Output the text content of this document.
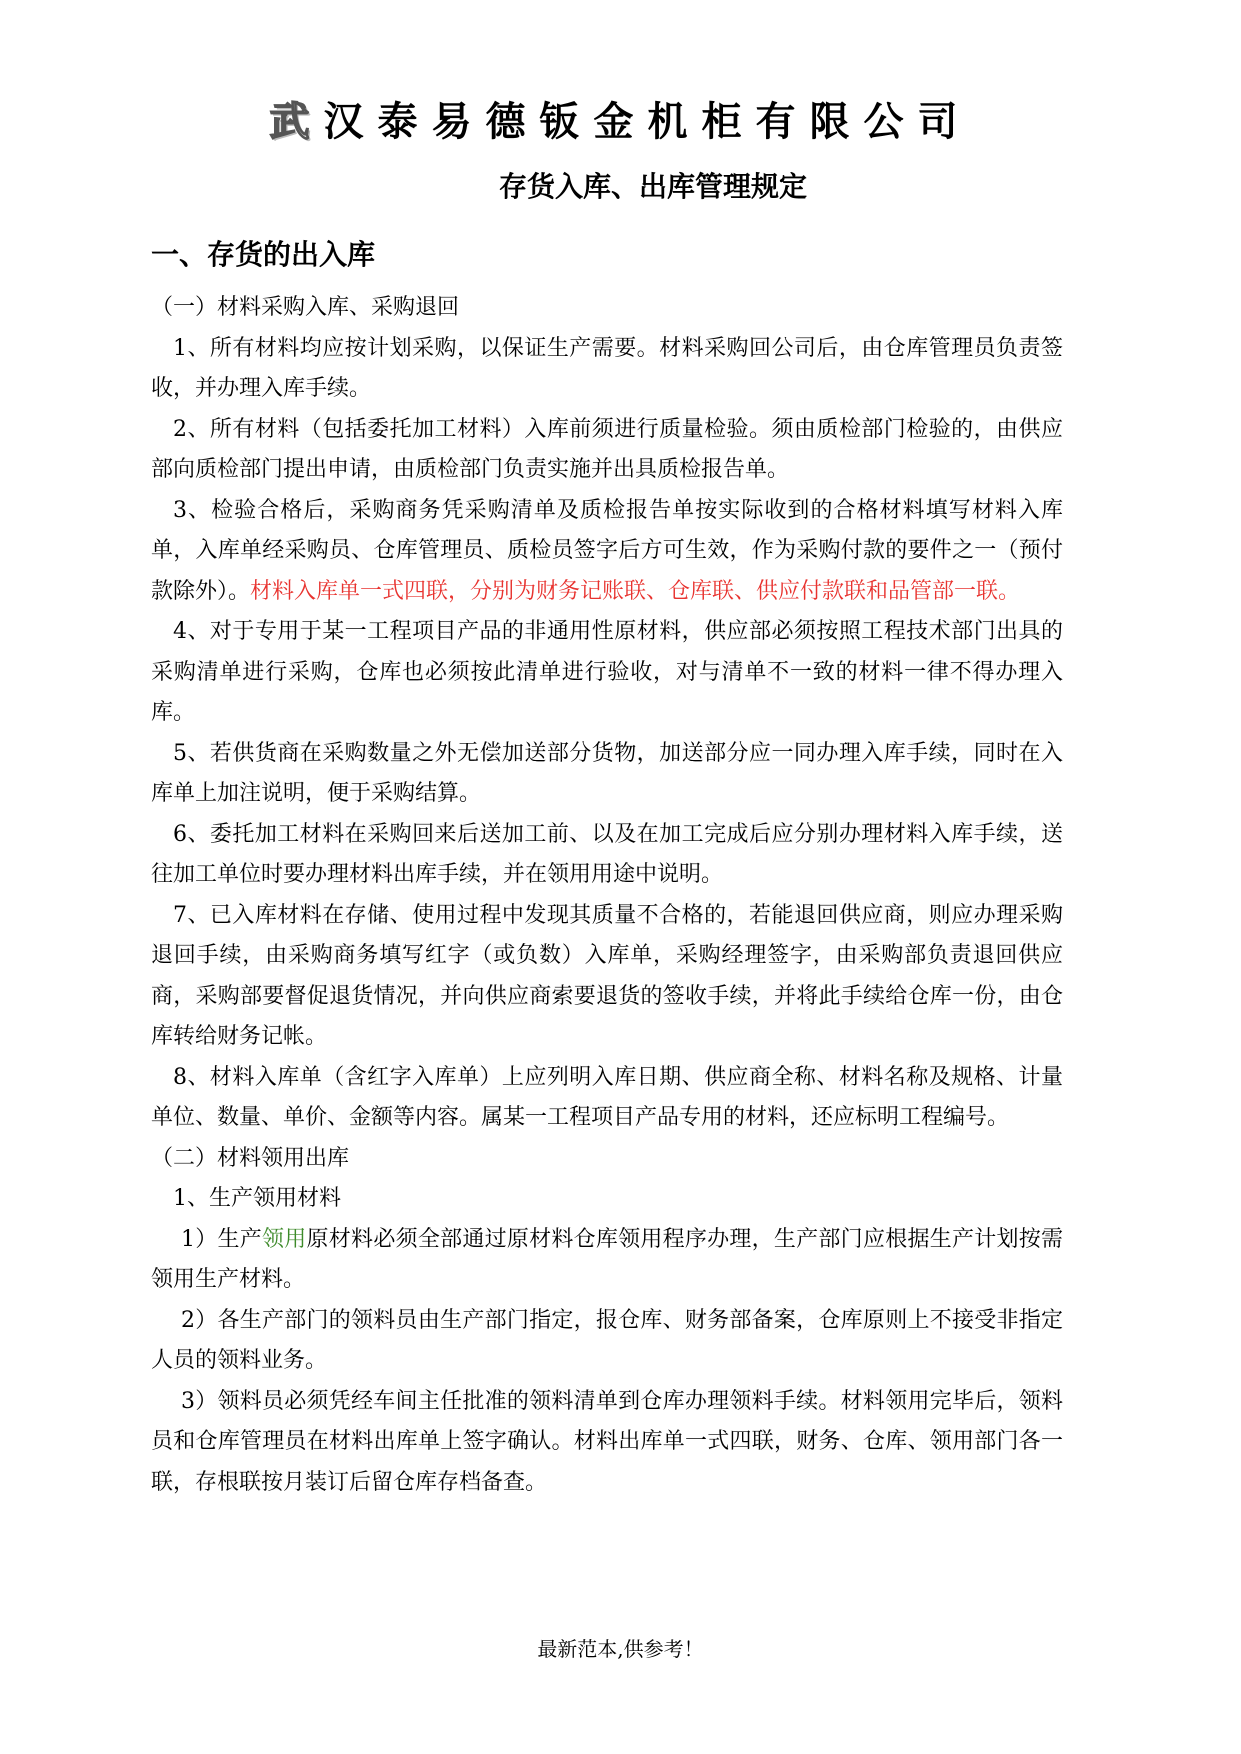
武汉泰易德钣金机柜有限公司
存货入库、出库管理规定
一、存货的出入库

（一）材料采购入库、采购退回

1、所有材料均应按计划采购，以保证生产需要。材料采购回公司后，由仓库管理员负责签收，并办理入库手续。

2、所有材料（包括委托加工材料）入库前须进行质量检验。须由质检部门检验的，由供应部向质检部门提出申请，由质检部门负责实施并出具质检报告单。

3、检验合格后，采购商务凭采购清单及质检报告单按实际收到的合格材料填写材料入库单，入库单经采购员、仓库管理员、质检员签字后方可生效，作为采购付款的要件之一（预付款除外）。材料入库单一式四联，分别为财务记账联、仓库联、供应付款联和品管部一联。

4、对于专用于某一工程项目产品的非通用性原材料，供应部必须按照工程技术部门出具的采购清单进行采购，仓库也必须按此清单进行验收，对与清单不一致的材料一律不得办理入库。

5、若供货商在采购数量之外无偿加送部分货物，加送部分应一同办理入库手续，同时在入库单上加注说明，便于采购结算。

6、委托加工材料在采购回来后送加工前、以及在加工完成后应分别办理材料入库手续，送往加工单位时要办理材料出库手续，并在领用用途中说明。

7、已入库材料在存储、使用过程中发现其质量不合格的，若能退回供应商，则应办理采购退回手续，由采购商务填写红字（或负数）入库单，采购经理签字，由采购部负责退回供应商，采购部要督促退货情况，并向供应商索要退货的签收手续，并将此手续给仓库一份，由仓库转给财务记帐。

8、材料入库单（含红字入库单）上应列明入库日期、供应商全称、材料名称及规格、计量单位、数量、单价、金额等内容。属某一工程项目产品专用的材料，还应标明工程编号。

（二）材料领用出库

1、生产领用材料

1）生产领用原材料必须全部通过原材料仓库领用程序办理，生产部门应根据生产计划按需领用生产材料。

2）各生产部门的领料员由生产部门指定，报仓库、财务部备案，仓库原则上不接受非指定人员的领料业务。

3）领料员必须凭经车间主任批准的领料清单到仓库办理领料手续。材料领用完毕后，领料员和仓库管理员在材料出库单上签字确认。材料出库单一式四联，财务、仓库、领用部门各一联，存根联按月装订后留仓库存档备查。

最新范本,供参考！
